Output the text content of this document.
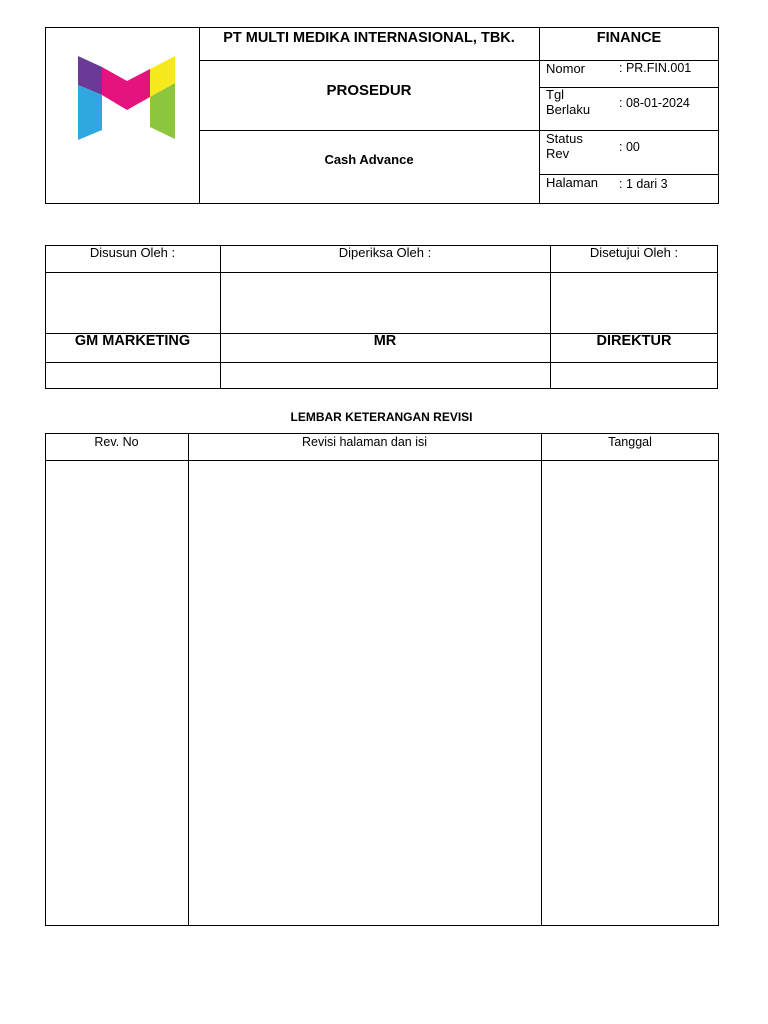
PT MULTI MEDIKA INTERNASIONAL, TBK.	FINANCE
PROSEDUR
Cash Advance
Nomor	: PR.FIN.001
Tgl Berlaku	: 08-01-2024
Status Rev	: 00
Halaman : 1 dari 3
Disusun Oleh :	Diperiksa Oleh :	Disetujui Oleh :
GM MARKETING	MR	DIREKTUR
LEMBAR KETERANGAN REVISI
Rev. No	Revisi halaman dan isi	Tanggal
